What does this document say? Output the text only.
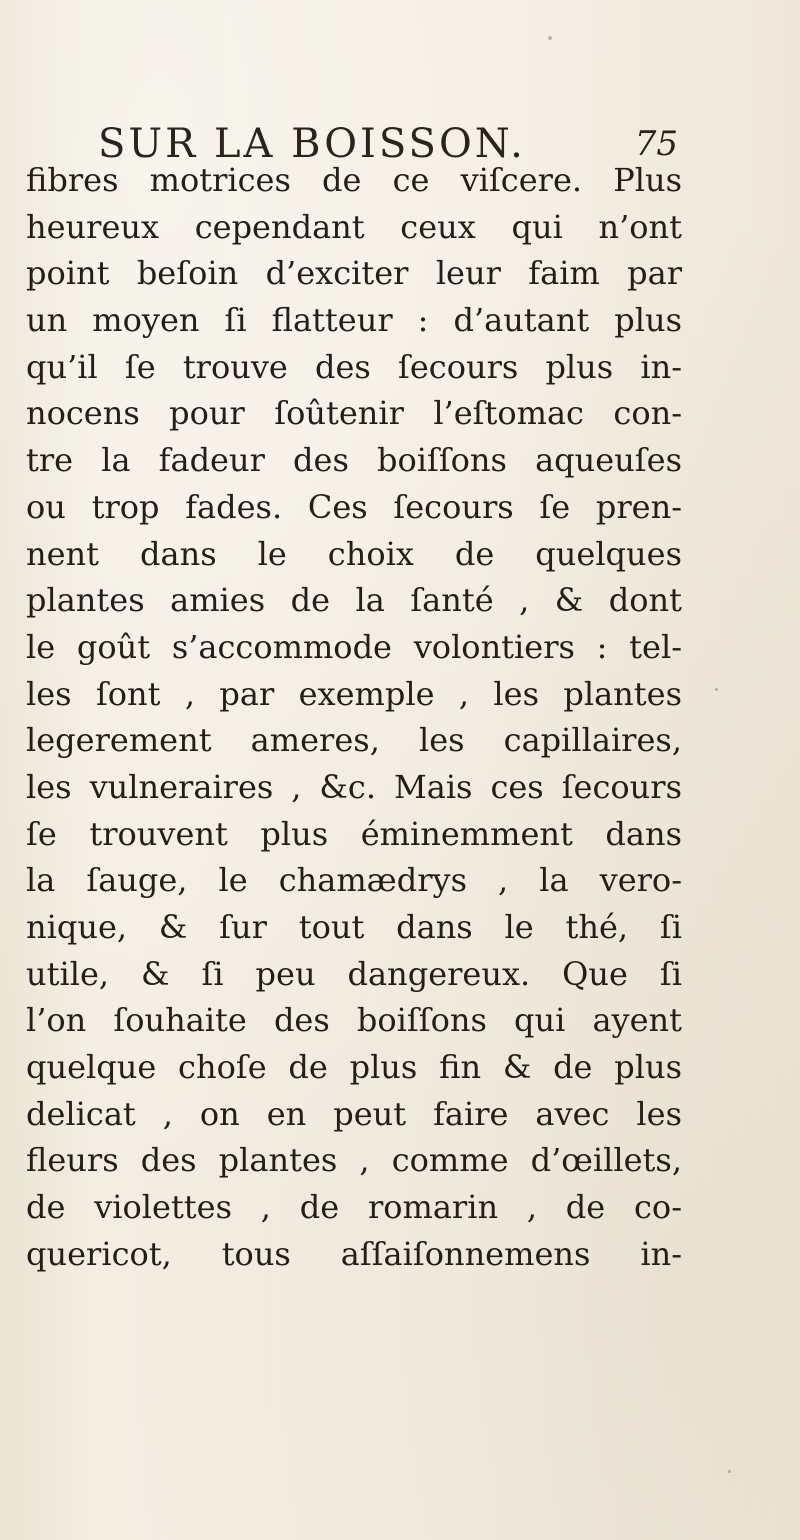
SUR LA BOISSON.	75
fibres motrices de ce viſcere. Plus
heureux cependant ceux qui n’ont
point beſoin d’exciter leur faim par
un moyen ſi flatteur : d’autant plus
qu’il ſe trouve des ſecours plus in-
nocens pour ſoûtenir l’eſtomac con-
tre la fadeur des boiſſons aqueuſes
ou trop fades. Ces ſecours ſe pren-
nent dans le choix de quelques
plantes amies de la ſanté , & dont
le goût s’accommode volontiers : tel-
les ſont , par exemple , les plantes
legerement ameres, les capillaires,
les vulneraires , &c. Mais ces ſecours
ſe trouvent plus éminemment dans
la ſauge, le chamædrys , la vero-
nique, & ſur tout dans le thé, ſi
utile, & ſi peu dangereux. Que ſi
l’on ſouhaite des boiſſons qui ayent
quelque choſe de plus fin & de plus
delicat , on en peut faire avec les
fleurs des plantes , comme d’œillets,
de violettes , de romarin , de co-
quericot, tous aſſaiſonnemens in-
